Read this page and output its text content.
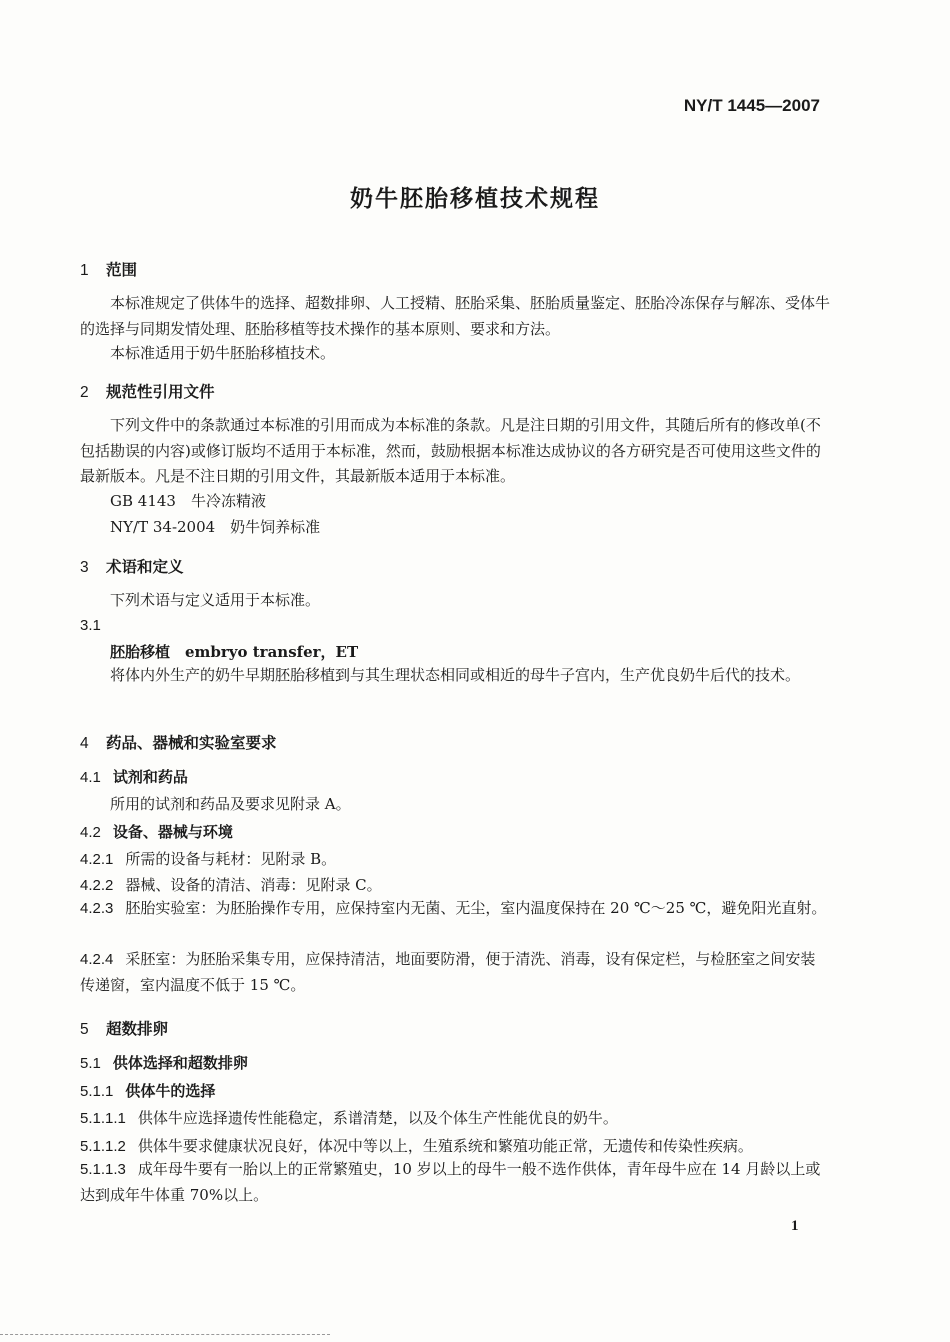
NY/T 1445—2007
奶牛胚胎移植技术规程
1 范围
本标准规定了供体牛的选择、超数排卵、人工授精、胚胎采集、胚胎质量鉴定、胚胎冷冻保存与解冻、受体牛的选择与同期发情处理、胚胎移植等技术操作的基本原则、要求和方法。
本标准适用于奶牛胚胎移植技术。
2 规范性引用文件
下列文件中的条款通过本标准的引用而成为本标准的条款。凡是注日期的引用文件，其随后所有的修改单(不包括勘误的内容)或修订版均不适用于本标准，然而，鼓励根据本标准达成协议的各方研究是否可使用这些文件的最新版本。凡是不注日期的引用文件，其最新版本适用于本标准。
GB 4143　牛冷冻精液
NY/T 34-2004　奶牛饲养标准
3 术语和定义
下列术语与定义适用于本标准。
3.1
胚胎移植　embryo transfer，ET
将体内外生产的奶牛早期胚胎移植到与其生理状态相同或相近的母牛子宫内，生产优良奶牛后代的技术。
4 药品、器械和实验室要求
4.1 试剂和药品
所用的试剂和药品及要求见附录 A。
4.2 设备、器械与环境
4.2.1 所需的设备与耗材：见附录 B。
4.2.2 器械、设备的清洁、消毒：见附录 C。
4.2.3 胚胎实验室：为胚胎操作专用，应保持室内无菌、无尘，室内温度保持在 20 ℃～25 ℃，避免阳光直射。
4.2.4 采胚室：为胚胎采集专用，应保持清洁，地面要防滑，便于清洗、消毒，设有保定栏，与检胚室之间安装传递窗，室内温度不低于 15 ℃。
5 超数排卵
5.1 供体选择和超数排卵
5.1.1 供体牛的选择
5.1.1.1 供体牛应选择遗传性能稳定，系谱清楚，以及个体生产性能优良的奶牛。
5.1.1.2 供体牛要求健康状况良好，体况中等以上，生殖系统和繁殖功能正常，无遗传和传染性疾病。
5.1.1.3 成年母牛要有一胎以上的正常繁殖史，10 岁以上的母牛一般不选作供体，青年母牛应在 14 月龄以上或达到成年牛体重 70%以上。
1
